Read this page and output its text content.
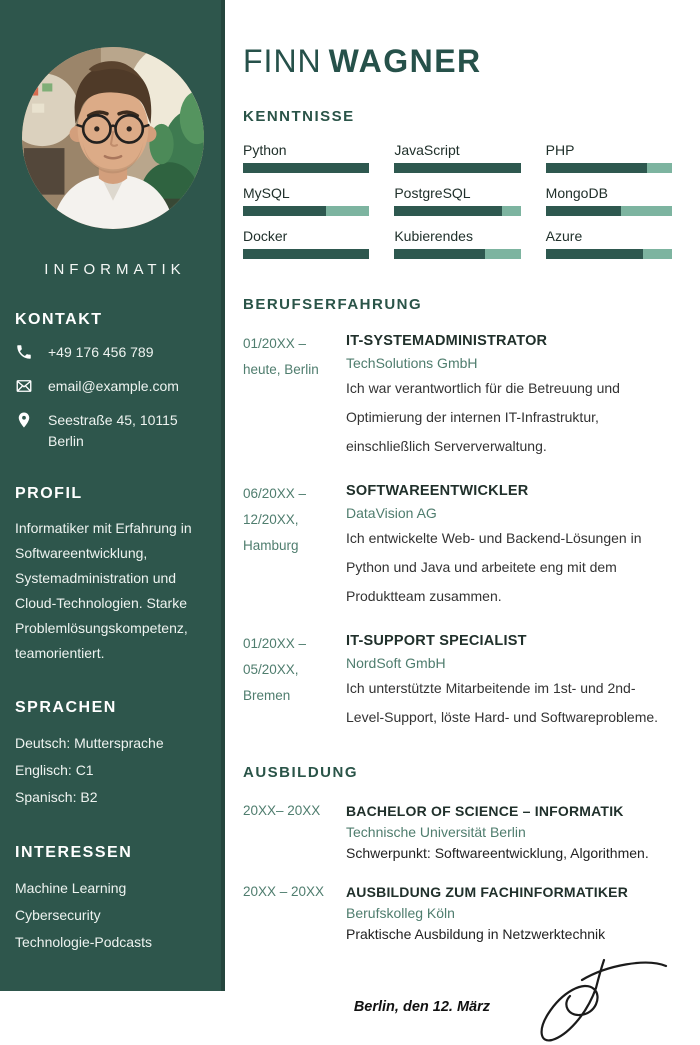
INFORMATIK
KONTAKT
+49 176 456 789
email@example.com
Seestraße 45, 10115 Berlin
PROFIL

Informatiker mit Erfahrung in Softwareentwicklung, Systemadministration und Cloud-Technologien. Starke Problemlösungskompetenz, teamorientiert.

SPRACHEN
Deutsch: Muttersprache
Englisch: C1
Spanisch: B2
INTERESSEN
Machine Learning
Cybersecurity
Technologie-Podcasts
FINN WAGNER
KENNTNISSE
Python	JavaScript	PHP
MySQL	PostgreSQL	MongoDB
Docker	Kubierendes	Azure
BERUFSERFAHRUNG
01/20XX –
heute, Berlin
IT-SYSTEMADMINISTRATOR
TechSolutions GmbH
Ich war verantwortlich für die Betreuung und Optimierung der internen IT-Infrastruktur, einschließlich Serververwaltung.
06/20XX –
12/20XX,
Hamburg
SOFTWAREENTWICKLER
DataVision AG
Ich entwickelte Web- und Backend-Lösungen in Python und Java und arbeitete eng mit dem Produktteam zusammen.
01/20XX –
05/20XX,
Bremen
IT-SUPPORT SPECIALIST
NordSoft GmbH
Ich unterstützte Mitarbeitende im 1st- und 2nd-Level-Support, löste Hard- und Softwareprobleme.
AUSBILDUNG
20XX– 20XX	BACHELOR OF SCIENCE – INFORMATIK
Technische Universität Berlin
Schwerpunkt: Softwareentwicklung, Algorithmen.
20XX – 20XX	AUSBILDUNG ZUM FACHINFORMATIKER
Berufskolleg Köln
Praktische Ausbildung in Netzwerktechnik
Berlin, den 12. März
